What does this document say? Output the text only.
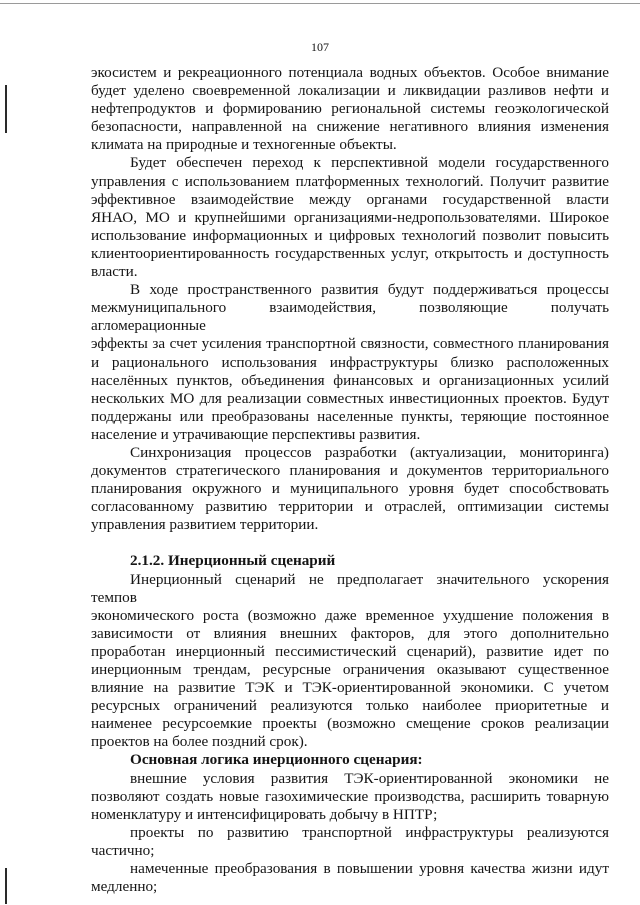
107

экосистем и рекреационного потенциала водных объектов. Особое внимание

будет уделено своевременной локализации и ликвидации разливов нефти и

нефтепродуктов и формированию региональной системы геоэкологической

безопасности, направленной на снижение негативного влияния изменения

климата на природные и техногенные объекты.

Будет обеспечен переход к перспективной модели государственного

управления с использованием платформенных технологий. Получит развитие

эффективное взаимодействие между органами государственной власти

ЯНАО, МО и крупнейшими организациями-недропользователями. Широкое

использование информационных и цифровых технологий позволит повысить

клиентоориентированность государственных услуг, открытость и доступность

власти.

В ходе пространственного развития будут поддерживаться процессы

межмуниципального взаимодействия, позволяющие получать агломерационные

эффекты за счет усиления транспортной связности, совместного планирования

и рационального использования инфраструктуры близко расположенных

населённых пунктов, объединения финансовых и организационных усилий

нескольких МО для реализации совместных инвестиционных проектов. Будут

поддержаны или преобразованы населенные пункты, теряющие постоянное

население и утрачивающие перспективы развития.

Синхронизация процессов разработки (актуализации, мониторинга)

документов стратегического планирования и документов территориального

планирования окружного и муниципального уровня будет способствовать

согласованному развитию территории и отраслей, оптимизации системы

управления развитием территории.

2.1.2. Инерционный сценарий

Инерционный сценарий не предполагает значительного ускорения темпов

экономического роста (возможно даже временное ухудшение положения в

зависимости от влияния внешних факторов, для этого дополнительно

проработан инерционный пессимистический сценарий), развитие идет по

инерционным трендам, ресурсные ограничения оказывают существенное

влияние на развитие ТЭК и ТЭК-ориентированной экономики. С учетом

ресурсных ограничений реализуются только наиболее приоритетные и

наименее ресурсоемкие проекты (возможно смещение сроков реализации

проектов на более поздний срок).

Основная логика инерционного сценария:

внешние условия развития ТЭК-ориентированной экономики не

позволяют создать новые газохимические производства, расширить товарную

номенклатуру и интенсифицировать добычу в НПТР;

проекты по развитию транспортной инфраструктуры реализуются

частично;

намеченные преобразования в повышении уровня качества жизни идут

медленно;
